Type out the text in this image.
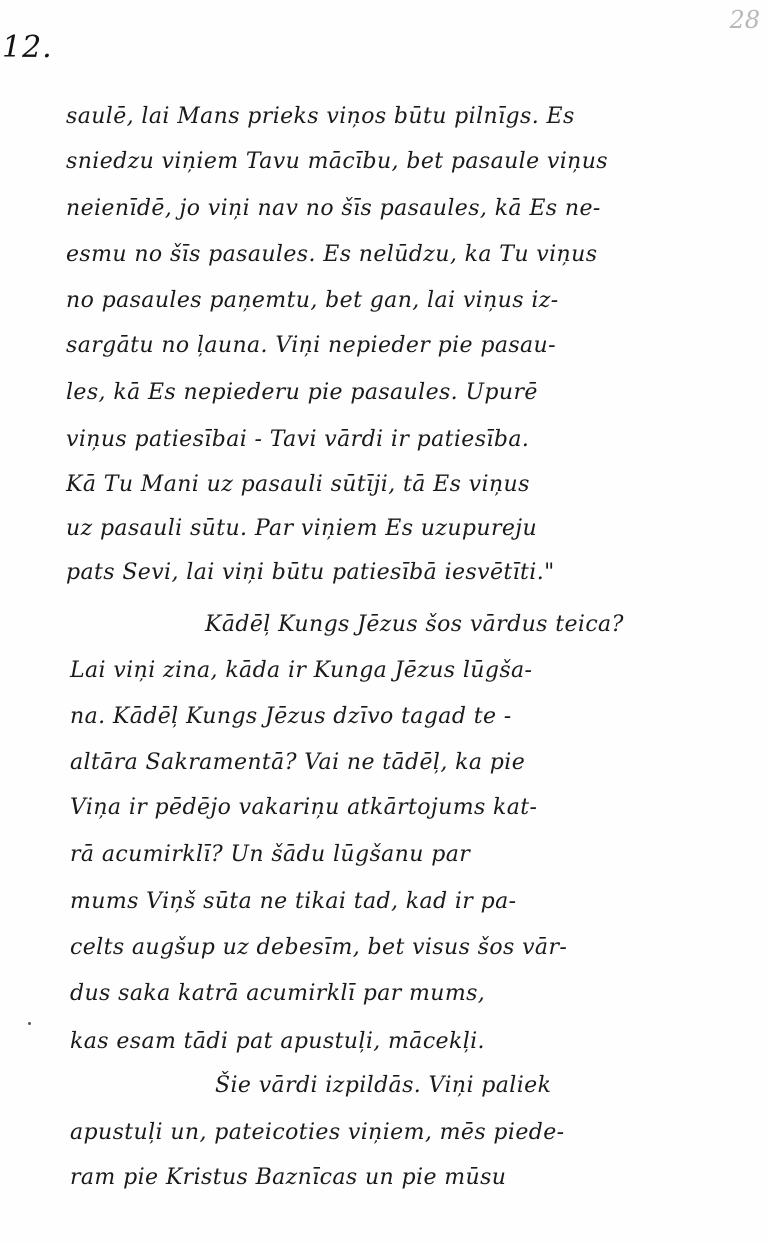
12.
28
saulē, lai Mans prieks viņos būtu pilnīgs. Es
sniedzu viņiem Tavu mācību, bet pasaule viņus
neienīdē, jo viņi nav no šīs pasaules, kā Es ne-
esmu no šīs pasaules. Es nelūdzu, ka Tu viņus
no pasaules paņemtu, bet gan, lai viņus iz-
sargātu no ļauna. Viņi nepieder pie pasau-
les, kā Es nepiederu pie pasaules. Upurē
viņus patiesībai - Tavi vārdi ir patiesība.
Kā Tu Mani uz pasauli sūtīji, tā Es viņus
uz pasauli sūtu. Par viņiem Es uzupureju
pats Sevi, lai viņi būtu patiesībā iesvētīti."
Kādēļ Kungs Jēzus šos vārdus teica?
Lai viņi zina, kāda ir Kunga Jēzus lūgša-
na. Kādēļ Kungs Jēzus dzīvo tagad te -
altāra Sakramentā? Vai ne tādēļ, ka pie
Viņa ir pēdējo vakariņu atkārtojums kat-
rā acumirklī? Un šādu lūgšanu par
mums Viņš sūta ne tikai tad, kad ir pa-
celts augšup uz debesīm, bet visus šos vār-
dus saka katrā acumirklī par mums,
kas esam tādi pat apustuļi, mācekļi.
Šie vārdi izpildās. Viņi paliek
apustuļi un, pateicoties viņiem, mēs piede-
ram pie Kristus Baznīcas un pie mūsu
